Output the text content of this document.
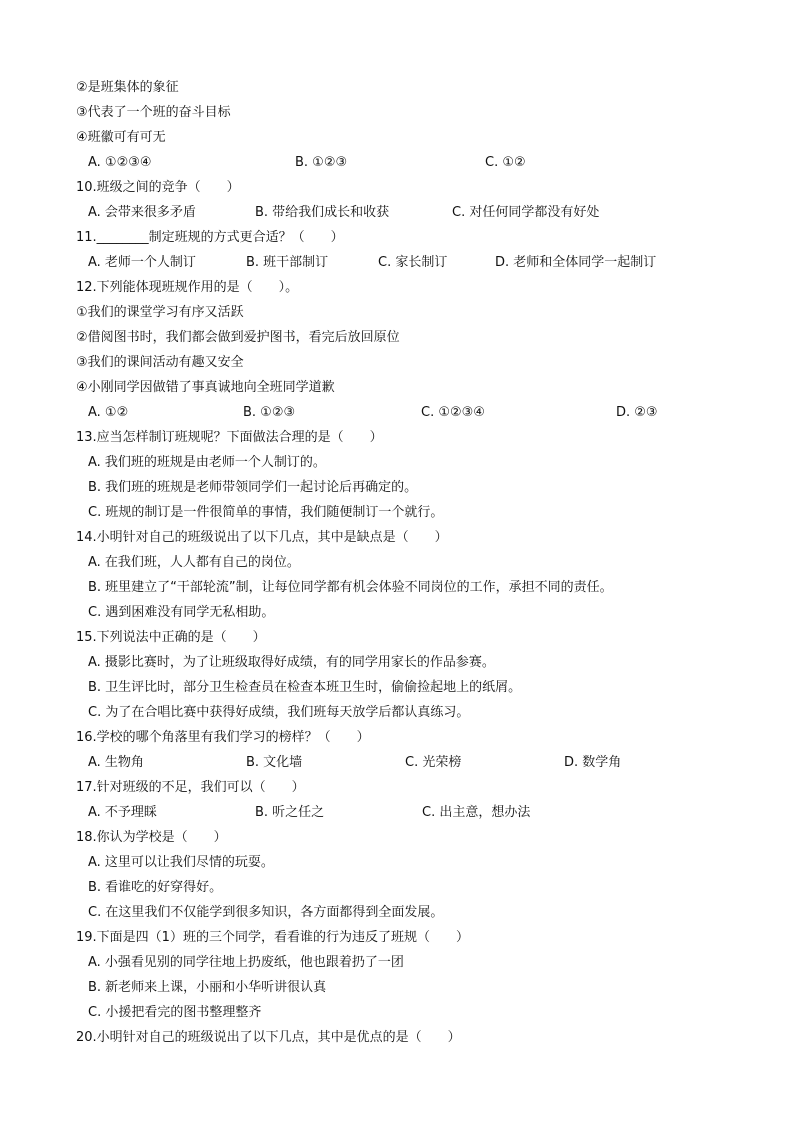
②是班集体的象征
③代表了一个班的奋斗目标
④班徽可有可无
A. ①②③④	B. ①②③	C. ①②
10.班级之间的竞争（　　）
A. 会带来很多矛盾	B. 带给我们成长和收获	C. 对任何同学都没有好处
11.________制定班规的方式更合适？（　　）
A. 老师一个人制订	B. 班干部制订	C. 家长制订	D. 老师和全体同学一起制订
12.下列能体现班规作用的是（　　）。
①我们的课堂学习有序又活跃
②借阅图书时，我们都会做到爱护图书，看完后放回原位
③我们的课间活动有趣又安全
④小刚同学因做错了事真诚地向全班同学道歉
A. ①②	B. ①②③	C. ①②③④	D. ②③
13.应当怎样制订班规呢？下面做法合理的是（　　）
A. 我们班的班规是由老师一个人制订的。
B. 我们班的班规是老师带领同学们一起讨论后再确定的。
C. 班规的制订是一件很简单的事情，我们随便制订一个就行。
14.小明针对自己的班级说出了以下几点，其中是缺点是（　　）
A. 在我们班，人人都有自己的岗位。
B. 班里建立了“干部轮流”制，让每位同学都有机会体验不同岗位的工作，承担不同的责任。
C. 遇到困难没有同学无私相助。
15.下列说法中正确的是（　　）
A. 摄影比赛时，为了让班级取得好成绩，有的同学用家长的作品参赛。
B. 卫生评比时，部分卫生检查员在检查本班卫生时，偷偷捡起地上的纸屑。
C. 为了在合唱比赛中获得好成绩，我们班每天放学后都认真练习。
16.学校的哪个角落里有我们学习的榜样？（　　）
A. 生物角	B. 文化墙	C. 光荣榜	D. 数学角
17.针对班级的不足，我们可以（　　）
A. 不予理睬	B. 听之任之	C. 出主意，想办法
18.你认为学校是（　　）
A. 这里可以让我们尽情的玩耍。
B. 看谁吃的好穿得好。
C. 在这里我们不仅能学到很多知识，各方面都得到全面发展。
19.下面是四（1）班的三个同学，看看谁的行为违反了班规（　　）
A. 小强看见别的同学往地上扔废纸，他也跟着扔了一团
B. 新老师来上课，小丽和小华听讲很认真
C. 小援把看完的图书整理整齐
20.小明针对自己的班级说出了以下几点，其中是优点的是（　　）
